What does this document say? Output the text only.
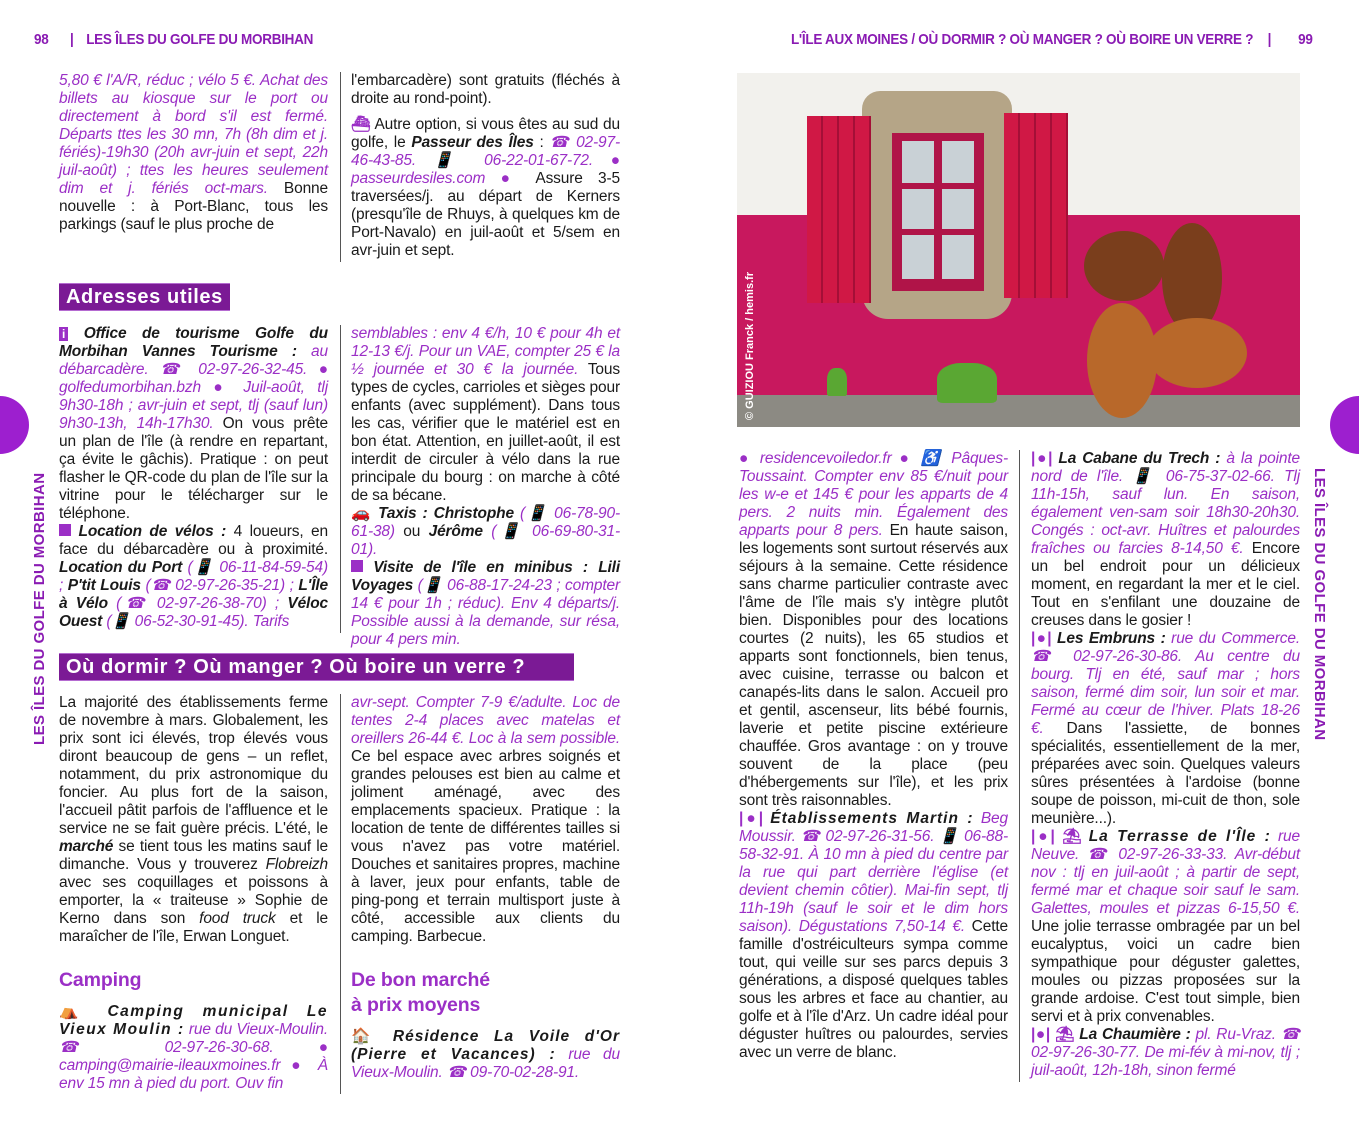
98 | LES ÎLES DU GOLFE DU MORBIHAN

5,80 € l'A/R, réduc ; vélo 5 €. Achat des billets au kiosque sur le port ou directement à bord s'il est fermé. Départs ttes les 30 mn, 7h (8h dim et j. fériés)-19h30 (20h avr-juin et sept, 22h juil-août) ; ttes les heures seulement dim et j. fériés oct-mars. Bonne nouvelle : à Port-Blanc, tous les parkings (sauf le plus proche de

l'embarcadère) sont gratuits (fléchés à droite au rond-point).

⛴ Autre option, si vous êtes au sud du golfe, le Passeur des Îles : ☎ 02-97-46-43-85. 📱 06-22-01-67-72. ● passeurdesiles.com ● Assure 3-5 traversées/j. au départ de Kerners (presqu'île de Rhuys, à quelques km de Port-Navalo) en juil-août et 5/sem en avr-juin et sept.

Adresses utiles

i Office de tourisme Golfe du Morbihan Vannes Tourisme : au débarcadère. ☎ 02-97-26-32-45. ● golfedumorbihan.bzh ● Juil-août, tlj 9h30-18h ; avr-juin et sept, tlj (sauf lun) 9h30-13h, 14h-17h30. On vous prête un plan de l'île (à rendre en repartant, ça évite le gâchis). Pratique : on peut flasher le QR-code du plan de l'île sur la vitrine pour le télécharger sur le téléphone.

Location de vélos : 4 loueurs, en face du débarcadère ou à proximité. Location du Port (📱 06-11-84-59-54) ; P'tit Louis (☎ 02-97-26-35-21) ; L'Île à Vélo (☎ 02-97-26-38-70) ; Véloc Ouest (📱 06-52-30-91-45). Tarifs

semblables : env 4 €/h, 10 € pour 4h et 12-13 €/j. Pour un VAE, compter 25 € la ½ journée et 30 € la journée. Tous types de cycles, carrioles et sièges pour enfants (avec supplément). Dans tous les cas, vérifier que le matériel est en bon état. Attention, en juillet-août, il est interdit de circuler à vélo dans la rue principale du bourg : on marche à côté de sa bécane.

🚗 Taxis : Christophe (📱 06-78-90-61-38) ou Jérôme (📱 06-69-80-31-01).

Visite de l'île en minibus : Lili Voyages (📱 06-88-17-24-23 ; compter 14 € pour 1h ; réduc). Env 4 départs/j. Possible aussi à la demande, sur résa, pour 4 pers min.

Où dormir ? Où manger ? Où boire un verre ?

La majorité des établissements ferme de novembre à mars. Globalement, les prix sont ici élevés, trop élevés vous diront beaucoup de gens – un reflet, notamment, du prix astronomique du foncier. Au plus fort de la saison, l'accueil pâtit parfois de l'affluence et le service ne se fait guère précis. L'été, le marché se tient tous les matins sauf le dimanche. Vous y trouverez Flobreizh avec ses coquillages et poissons à emporter, la « traiteuse » Sophie de Kerno dans son food truck et le maraîcher de l'île, Erwan Longuet.

Camping

⛺ Camping municipal Le Vieux Moulin : rue du Vieux-Moulin. ☎ 02-97-26-30-68. ● camping@mairie-ileauxmoines.fr ● À env 15 mn à pied du port. Ouv fin

avr-sept. Compter 7-9 €/adulte. Loc de tentes 2-4 places avec matelas et oreillers 26-44 €. Loc à la sem possible. Ce bel espace avec arbres soignés et grandes pelouses est bien au calme et joliment aménagé, avec des emplacements spacieux. Pratique : la location de tente de différentes tailles si vous n'avez pas votre matériel. Douches et sanitaires propres, machine à laver, jeux pour enfants, table de ping-pong et terrain multisport juste à côté, accessible aux clients du camping. Barbecue.

De bon marché
à prix moyens

🏠 Résidence La Voile d'Or (Pierre et Vacances) : rue du Vieux-Moulin. ☎ 09-70-02-28-91.

LES ÎLES DU GOLFE DU MORBIHAN
L'ÎLE AUX MOINES / OÙ DORMIR ? OÙ MANGER ? OÙ BOIRE UN VERRE ? | 99
© GUIZIOU Franck / hemis.fr

● residencevoiledor.fr ● ♿ Pâques-Toussaint. Compter env 85 €/nuit pour les w-e et 145 € pour les apparts de 4 pers. 2 nuits min. Également des apparts pour 8 pers. En haute saison, les logements sont surtout réservés aux séjours à la semaine. Cette résidence sans charme particulier contraste avec l'âme de l'île mais s'y intègre plutôt bien. Disponibles pour des locations courtes (2 nuits), les 65 studios et apparts sont fonctionnels, bien tenus, avec cuisine, terrasse ou balcon et canapés-lits dans le salon. Accueil pro et gentil, ascenseur, lits bébé fournis, laverie et petite piscine extérieure chauffée. Gros avantage : on y trouve souvent de la place (peu d'hébergements sur l'île), et les prix sont très raisonnables.

|●| Établissements Martin : Beg Moussir. ☎ 02-97-26-31-56. 📱 06-88-58-32-91. À 10 mn à pied du centre par la rue qui part derrière l'église (et devient chemin côtier). Mai-fin sept, tlj 11h-19h (sauf le soir et le dim hors saison). Dégustations 7,50-14 €. Cette famille d'ostréiculteurs sympa comme tout, qui veille sur ses parcs depuis 3 générations, a disposé quelques tables sous les arbres et face au chantier, au golfe et à l'île d'Arz. Un cadre idéal pour déguster huîtres ou palourdes, servies avec un verre de blanc.

|●| La Cabane du Trech : à la pointe nord de l'île. 📱 06-75-37-02-66. Tlj 11h-15h, sauf lun. En saison, également ven-sam soir 18h30-20h30. Congés : oct-avr. Huîtres et palourdes fraîches ou farcies 8-14,50 €. Encore un bel endroit pour un délicieux moment, en regardant la mer et le ciel. Tout en s'enfilant une douzaine de creuses dans le gosier !

|●| Les Embruns : rue du Commerce. ☎ 02-97-26-30-86. Au centre du bourg. Tlj en été, sauf mar ; hors saison, fermé dim soir, lun soir et mar. Fermé au cœur de l'hiver. Plats 18-26 €. Dans l'assiette, de bonnes spécialités, essentiellement de la mer, préparées avec soin. Quelques valeurs sûres présentées à l'ardoise (bonne soupe de poisson, mi-cuit de thon, sole meunière...).

|●| ⛱ La Terrasse de l'Île : rue Neuve. ☎ 02-97-26-33-33. Avr-début nov : tlj en juil-août ; à partir de sept, fermé mar et chaque soir sauf le sam. Galettes, moules et pizzas 6-15,50 €. Une jolie terrasse ombragée par un bel eucalyptus, voici un cadre bien sympathique pour déguster galettes, moules ou pizzas proposées sur la grande ardoise. C'est tout simple, bien servi et à prix convenables.

|●| ⛱ La Chaumière : pl. Ru-Vraz. ☎ 02-97-26-30-77. De mi-fév à mi-nov, tlj ; juil-août, 12h-18h, sinon fermé

LES ÎLES DU GOLFE DU MORBIHAN
